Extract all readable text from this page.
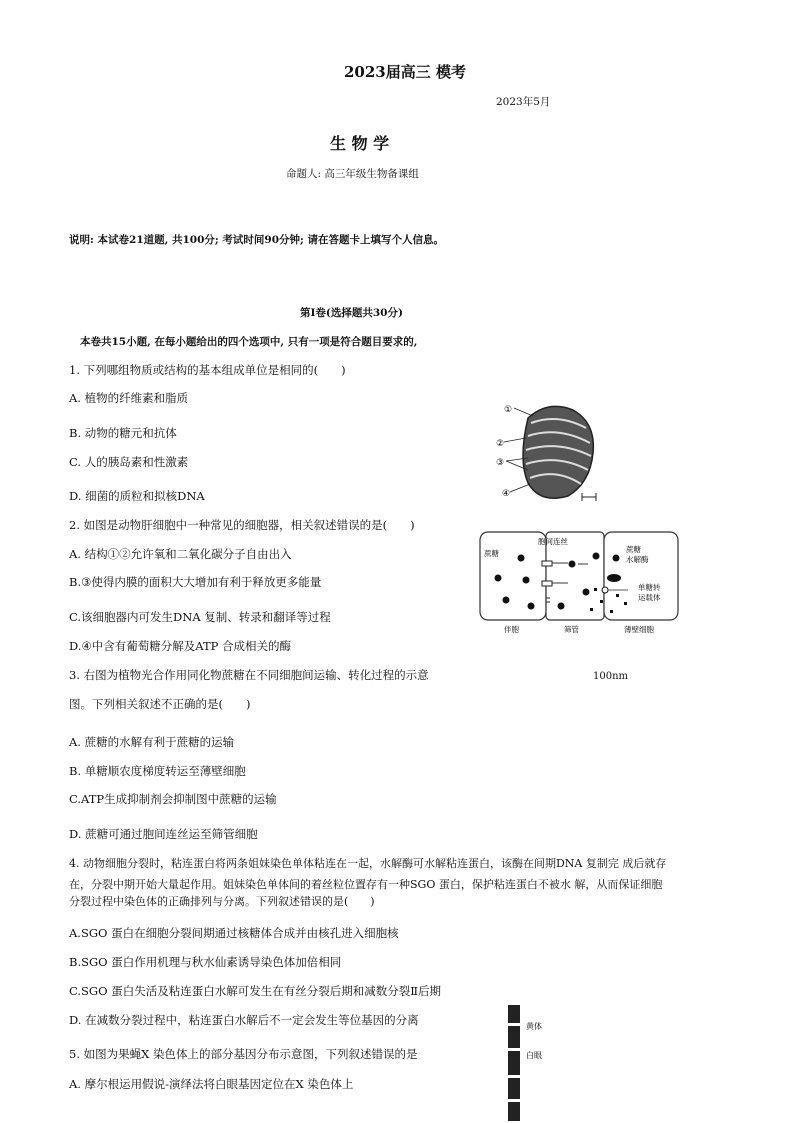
2023届高三 模考
2023年5月
生 物 学
命题人: 高三年级生物备课组
说明: 本试卷21道题, 共100分; 考试时间90分钟; 请在答题卡上填写个人信息。
第Ⅰ卷(选择题共30分)
本卷共15小题, 在每小题给出的四个选项中, 只有一项是符合题目要求的,
1. 下列哪组物质或结构的基本组成单位是相同的(　　)
A. 植物的纤维素和脂质
B. 动物的糖元和抗体
C. 人的胰岛素和性激素
D. 细菌的质粒和拟核DNA
2. 如图是动物肝细胞中一种常见的细胞器，相关叙述错误的是(　　)
A. 结构①②允许氧和二氧化碳分子自由出入
B.③使得内膜的面积大大增加有利于释放更多能量
C.该细胞器内可发生DNA 复制、转录和翻译等过程
D.④中含有葡萄糖分解及ATP 合成相关的酶
3. 右图为植物光合作用同化物蔗糖在不同细胞间运输、转化过程的示意
图。下列相关叙述不正确的是(　　)
A. 蔗糖的水解有利于蔗糖的运输
B. 单糖顺农度梯度转运至薄壁细胞
C.ATP生成抑制剂会抑制图中蔗糖的运输
D. 蔗糖可通过胞间连丝运至筛管细胞
4. 动物细胞分裂时，粘连蛋白将两条姐妹染色单体粘连在一起，水解酶可水解粘连蛋白，该酶在间期DNA 复制完 成后就存
在，分裂中期开始大量起作用。姐妹染色单体间的着丝粒位置存有一种SGO 蛋白，保护粘连蛋白不被水 解，从而保证细胞
分裂过程中染色体的正确排列与分离。下列叙述错误的是(　　)
A.SGO 蛋白在细胞分裂间期通过核糖体合成并由核孔进入细胞核
B.SGO 蛋白作用机理与秋水仙素诱导染色体加倍相同
C.SGO 蛋白失活及粘连蛋白水解可发生在有丝分裂后期和减数分裂Ⅱ后期
D. 在减数分裂过程中，粘连蛋白水解后不一定会发生等位基因的分离
5. 如图为果蝇X 染色体上的部分基因分布示意图，下列叙述错误的是
A. 摩尔根运用假说-演绎法将白眼基因定位在X 染色体上
①
②
③
④
100nm
蔗糖
胞间连丝
蔗糖
水解酶
单糖转
运载体
伴胞	筛管	薄壁细胞
黄体
白眼
